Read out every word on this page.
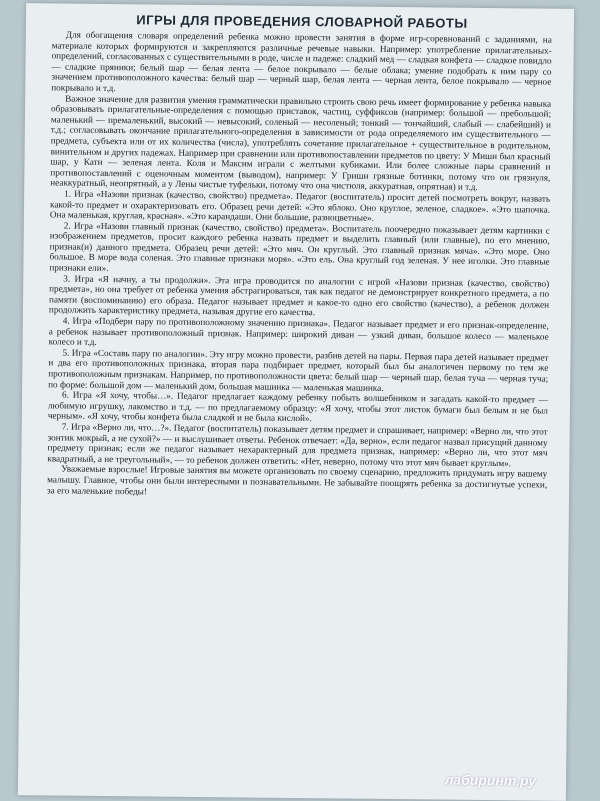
ИГРЫ ДЛЯ ПРОВЕДЕНИЯ СЛОВАРНОЙ РАБОТЫ

Для обогащения словаря определений ребенка можно провести занятия в форме игр-соревнований с заданиями, на материале которых формируются и закрепляются различные речевые навыки. Например: употребление прилагательных-определений, согласованных с существительными в роде, числе и падеже: сладкий мед — сладкая конфета — сладкое повидло — сладкие пряники; белый шар — белая лента — белое покрывало — белые облака; умение подобрать к ним пару со значением противоположного качества: белый шар — черный шар, белая лента — черная лента, белое покрывало — черное покрывало и т.д.

Важное значение для развития умения грамматически правильно строить свою речь имеет формирование у ребенка навыка образовывать прилагательные-определения с помощью приставок, частиц, суффиксов (например: большой — пребольшой; маленький — премаленький, высокий — невысокий, соленый — несоленый; тонкий — тончайший, слабый — слабейший) и т.д.; согласовывать окончание прилагательного-определения в зависимости от рода определяемого им существительного — предмета, субъекта или от их количества (числа), употреблять сочетание прилагательное + существительное в родительном, винительном и других падежах. Например при сравнении или противопоставлении предметов по цвету: У Миши был красный шар, у Кати — зеленая лента. Коля и Максим играли с желтыми кубиками. Или более сложные пары сравнений и противопоставлений с оценочным моментом (выводом), например: У Гриши грязные ботинки, потому что он грязнуля, неаккуратный, неопрятный, а у Лены чистые туфельки, потому что она чистюля, аккуратная, опрятная) и т.д.

1. Игра «Назови признак (качество, свойство) предмета». Педагог (воспитатель) просит детей посмотреть вокруг, назвать какой-то предмет и охарактеризовать его. Образец речи детей: «Это яблоко. Оно круглое, зеленое, сладкое». «Это шапочка. Она маленькая, круглая, красная». «Это карандаши. Они большие, разноцветные».

2. Игра «Назови главный признак (качество, свойство) предмета». Воспитатель поочередно показывает детям картинки с изображением предметов, просит каждого ребенка назвать предмет и выделить главный (или главные), по его мнению, признак(и) данного предмета. Образец речи детей: «Это мяч. Он круглый. Это главный признак мяча». «Это море. Оно большое. В море вода соленая. Это главные признаки моря». «Это ель. Она круглый год зеленая. У нее иголки. Это главные признаки ели».

3. Игра «Я начну, а ты продолжи». Эта игра проводится по аналогии с игрой «Назови признак (качество, свойство) предмета», но она требует от ребенка умения абстрагироваться, так как педагог не демонстрирует конкретного предмета, а по памяти (воспоминанию) его образа. Педагог называет предмет и какое-то одно его свойство (качество), а ребенок должен продолжить характеристику предмета, называя другие его качества.

4. Игра «Подбери пару по противоположному значению признака». Педагог называет предмет и его признак-определение, а ребенок называет противоположный признак. Например: широкий диван — узкий диван, большое колесо — маленькое колесо и т.д.

5. Игра «Составь пару по аналогии». Эту игру можно провести, разбив детей на пары. Первая пара детей называет предмет и два его противоположных признака, вторая пара подбирает предмет, который был бы аналогичен первому по тем же противоположным признакам. Например, по противоположности цвета: белый шар — черный шар, белая туча — черная туча; по форме: большой дом — маленький дом, большая машинка — маленькая машинка.

6. Игра «Я хочу, чтобы…». Педагог предлагает каждому ребенку побыть волшебником и загадать какой-то предмет — любимую игрушку, лакомство и т.д. — по предлагаемому образцу: «Я хочу, чтобы этот листок бумаги был белым и не был черным». «Я хочу, чтобы конфета была сладкой и не была кислой».

7. Игра «Верно ли, что…?». Педагог (воспитатель) показывает детям предмет и спрашивает, например: «Верно ли, что этот зонтик мокрый, а не сухой?» — и выслушивает ответы. Ребенок отвечает: «Да, верно», если педагог назвал присущий данному предмету признак; если же педагог называет нехарактерный для предмета признак, например: «Верно ли, что этот мяч квадратный, а не треугольный», — то ребенок должен ответить: «Нет, неверно, потому что этот мяч бывает круглым».

Уважаемые взрослые! Игровые занятия вы можете организовать по своему сценарию, предложить придумать игру вашему малышу. Главное, чтобы они были интересными и познавательными. Не забывайте поощрять ребенка за достигнутые успехи, за его маленькие победы!

лабиринт.ру
